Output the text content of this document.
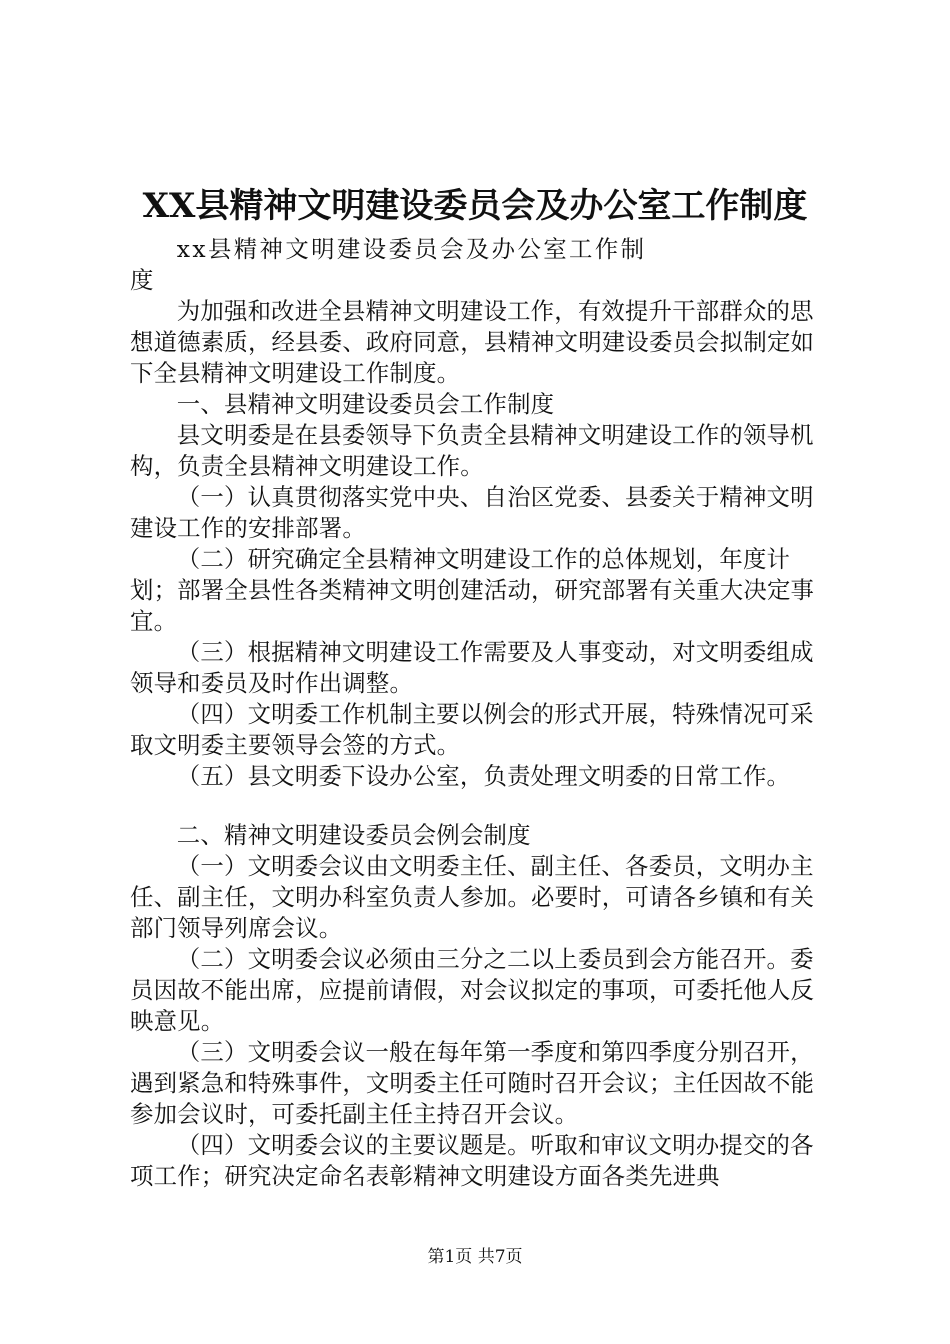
XX县精神文明建设委员会及办公室工作制度

xx县精神文明建设委员会及办公室工作制度

为加强和改进全县精神文明建设工作，有效提升干部群众的思想道德素质，经县委、政府同意，县精神文明建设委员会拟制定如下全县精神文明建设工作制度。

一、县精神文明建设委员会工作制度

县文明委是在县委领导下负责全县精神文明建设工作的领导机构，负责全县精神文明建设工作。

（一）认真贯彻落实党中央、自治区党委、县委关于精神文明建设工作的安排部署。

（二）研究确定全县精神文明建设工作的总体规划，年度计划；部署全县性各类精神文明创建活动，研究部署有关重大决定事宜。

（三）根据精神文明建设工作需要及人事变动，对文明委组成领导和委员及时作出调整。

（四）文明委工作机制主要以例会的形式开展，特殊情况可采取文明委主要领导会签的方式。

（五）县文明委下设办公室，负责处理文明委的日常工作。

二、精神文明建设委员会例会制度

（一）文明委会议由文明委主任、副主任、各委员，文明办主任、副主任，文明办科室负责人参加。必要时，可请各乡镇和有关部门领导列席会议。

（二）文明委会议必须由三分之二以上委员到会方能召开。委员因故不能出席，应提前请假，对会议拟定的事项，可委托他人反映意见。

（三）文明委会议一般在每年第一季度和第四季度分别召开，遇到紧急和特殊事件，文明委主任可随时召开会议；主任因故不能参加会议时，可委托副主任主持召开会议。

（四）文明委会议的主要议题是。听取和审议文明办提交的各项工作；研究决定命名表彰精神文明建设方面各类先进典

第1页 共7页
